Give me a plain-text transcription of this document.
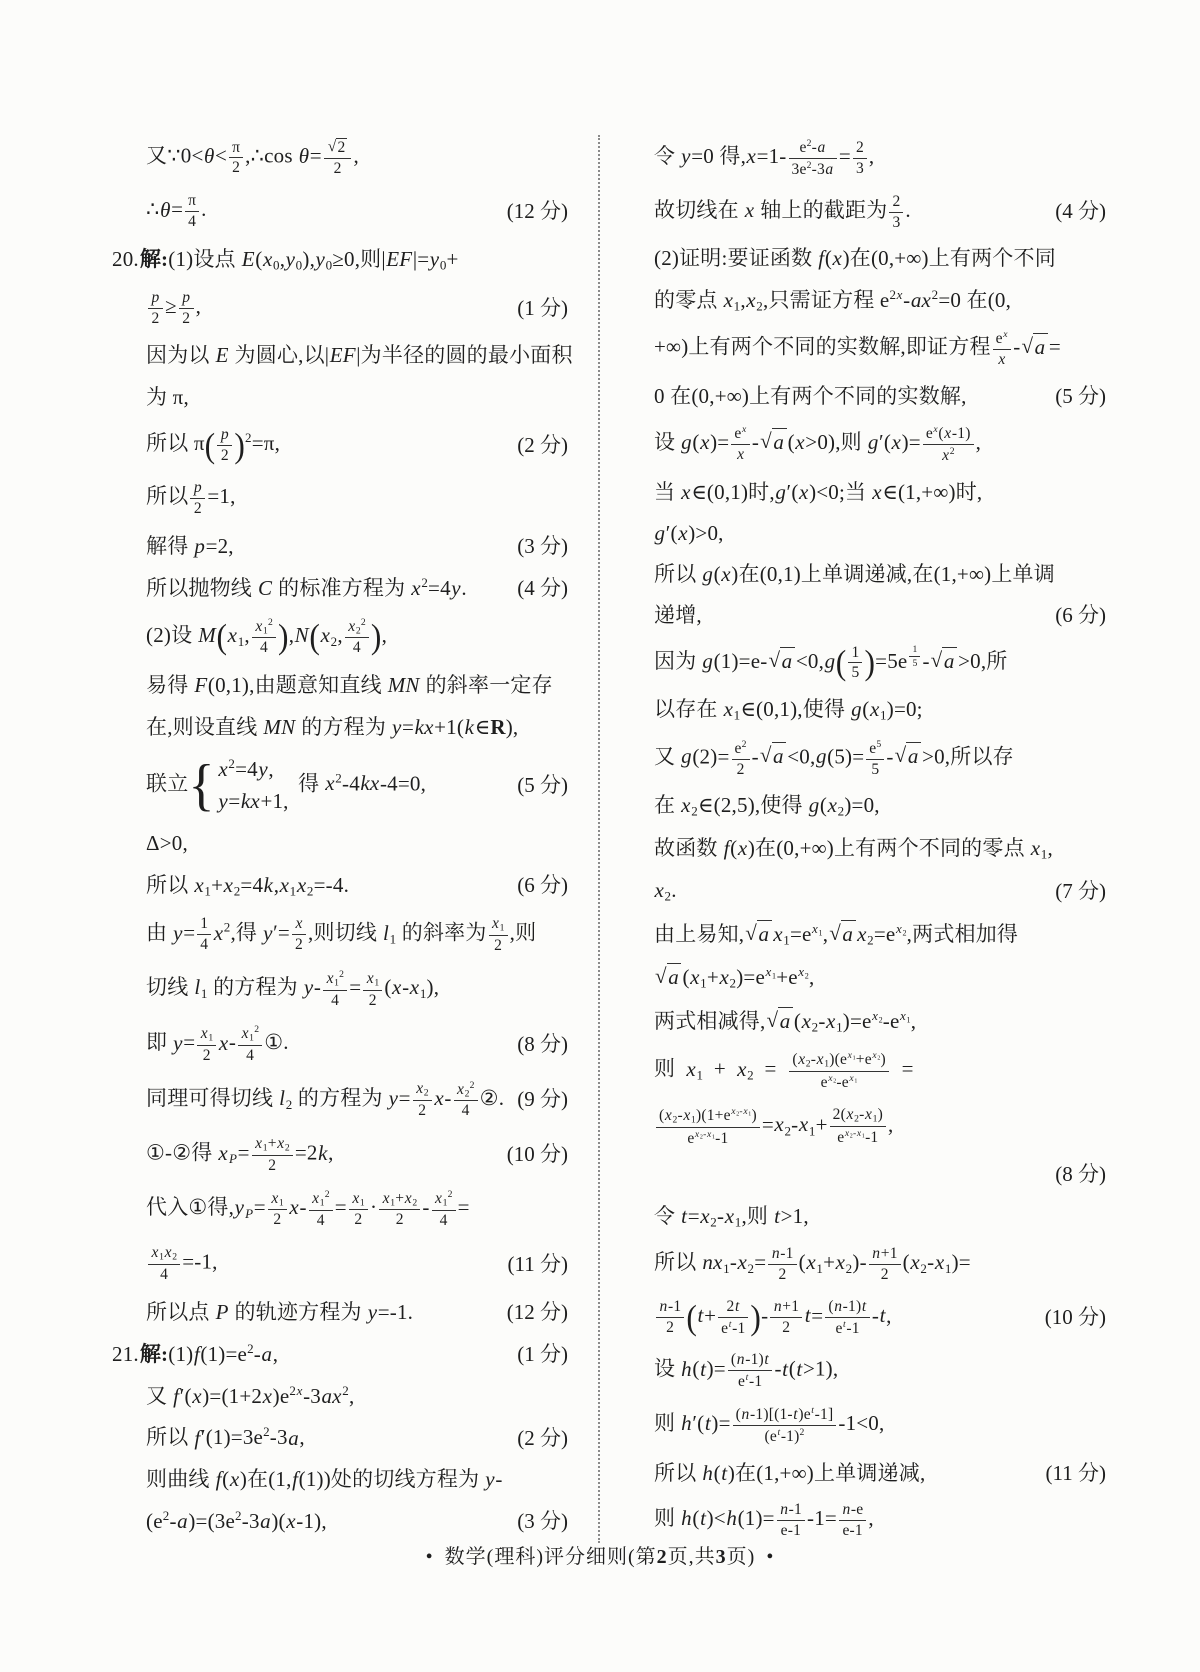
又∵0<θ< $\frac{\pi}{2}$ ,∴cos $\theta= \frac{√ 2}{2}$ ,
∴θ= $\frac{\pi}{4}$ .	(12 分)
20.解:(1)设点 E(x0,y0),y0≥0,则|EF|=y0+
$\frac{p}{2} \ge \frac{p}{2}$ ,	(1 分)
因为以 E 为圆心,以|EF|为半径的圆的最小面积
为 π,
所以 π ( $\frac{p}{2}$ ) $^2$=π,	(2 分)
所以 $\frac{p}{2} =1$,
解得 p=2,	(3 分)
所以抛物线 C 的标准方程为 $x^2=4y$. (4 分)
(2)设 M ( x1, $\frac{x1^2}{4}$ ) ,N ( x2, $\frac{x2^2}{4}$ ) ,
易得 F(0,1),由题意知直线 MN 的斜率一定存
在,则设直线 MN 的方程为 y=kx+1(k∈R),
联立 { $x^2=4y$,
y=kx+1,
得 $x^2-4kx-4=0$,	(5 分)
Δ>0,
所以 x1+x2=4k,x1x2=-4.	(6 分)
由 $y= \frac{1}{4} x^2$,得 $y'= \frac{x}{2}$ ,则切线 l1 的斜率为 $\frac{x1}{2}$ ,则
切线 l1 的方程为 $y- \frac{x1^2}{4} = \frac{x1}{2} (x-x1)$,
即 $y= \frac{x1}{2} x- \frac{x1^2}{4}$ ①.	(8 分)
同理可得切线 l2 的方程为 $y= \frac{x2}{2} x- \frac{x2^2}{4}$ ②. (9 分)
①-②得 $xP= \frac{x1+x2}{2} =2k$,	(10 分)
代入①得$,yP= \frac{x1}{2} x- \frac{x1^2}{4} = \frac{x1}{2} \cdot \frac{x1+x2}{2} - \frac{x1^2}{4}$ =
$\frac{x1x2}{4} =-1$,	(11 分)
所以点 P 的轨迹方程为 y=-1.	(12 分)
21.解$:(1)f(1)=e^2-a$,	(1 分)
又 $f'(x)=(1+2x)e^{2x}-3ax^2$,
所以 $f'(1)=3e^2-3a$,	(2 分)
则曲线 f(x)在(1,f(1))处的切线方程为 y-
$(e^2-a)=(3e^2-3a)(x-1)$,	(3 分)
令 y=0 得$,x=1- \frac{e^2-a}{3e^2-3a} = \frac{2}{3}$ ,
故切线在 x 轴上的截距为 $\frac{2}{3}$ .	(4 分)
(2)证明:要证函数 f(x)在(0,+∞)上有两个不同
的零点 x1,x2,只需证方程 $e^{2x}-ax^2=0$ 在(0,
+∞)上有两个不同的实数解,即证方程 $\frac{e^x}{x}$ - √ a =
0 在(0,+∞)上有两个不同的实数解,	(5 分)
设 $g(x)= \frac{e^x}{x}$ - √ a (x>0),则 $g'(x)= \frac{e^x(x-1)}{x^2}$ ,
当 x∈(0,1)时,g′(x)<0;当 x∈(1,+∞)时,
g′(x)>0,
所以 g(x)在(0,1)上单调递减,在(1,+∞)上单调
递增,	(6 分)
因为 g(1)=e- √ a <0,g ( $\frac{1}{5}$ ) =5e $^{\frac{1}{5}}$ - √ a >0,所
以存在 x1∈(0,1),使得 g(x1)=0;
又 $g(2)= \frac{e^2}{2}$ - √ $a <0,g(5)= \frac{e^5}{5}$ - √ a >0,所以存
在 x2∈(2,5),使得 g(x2)=0,
故函数 f(x)在(0,+∞)上有两个不同的零点 x1,
x2.	(7 分)
由上易知, √ a $x1=e^{x1}$, √ a $x2=e^{x2}$,两式相加得
√ a $(x1+x2)=e^{x1}+e^{x2}$,
两式相减得, √ a $(x2-x1)=e^{x2}-e^{x1}$,
则 x1 + x2 =  $\frac{(x2-x1)(e^{x1}+e^{x2})}{e^{x2}-e^{x1}}$  =
$\frac{(x2-x1)(1+e^{x2-x1})}{e^{x2-x1}-1} =x2-x1+ \frac{2(x2-x1)}{e^{x2-x1}-1}$ ,
(8 分)
令 t=x2-x1,则 t>1,
所以 $nx1-x2= \frac{n-1}{2} (x1+x2)- \frac{n+1}{2} (x2-x1)=$
$\frac{n-1}{2}$ ( $t+ \frac{2t}{e^t-1}$ ) - $\frac{n+1}{2} t= \frac{(n-1)t}{e^t-1} -t$,	(10 分)
设 $h(t)= \frac{(n-1)t}{e^t-1} -t(t>1)$,
则 $h'(t)= \frac{(n-1)[(1-t)e^t-1]}{(e^t-1)^2} -1<0$,
所以 h(t)在(1,+∞)上单调递减,	(11 分)
则 $h(t)<h(1)= \frac{n-1}{e-1} -1= \frac{n-e}{e-1}$ ,
• 数学(理科)评分细则(第2页,共3页) •
